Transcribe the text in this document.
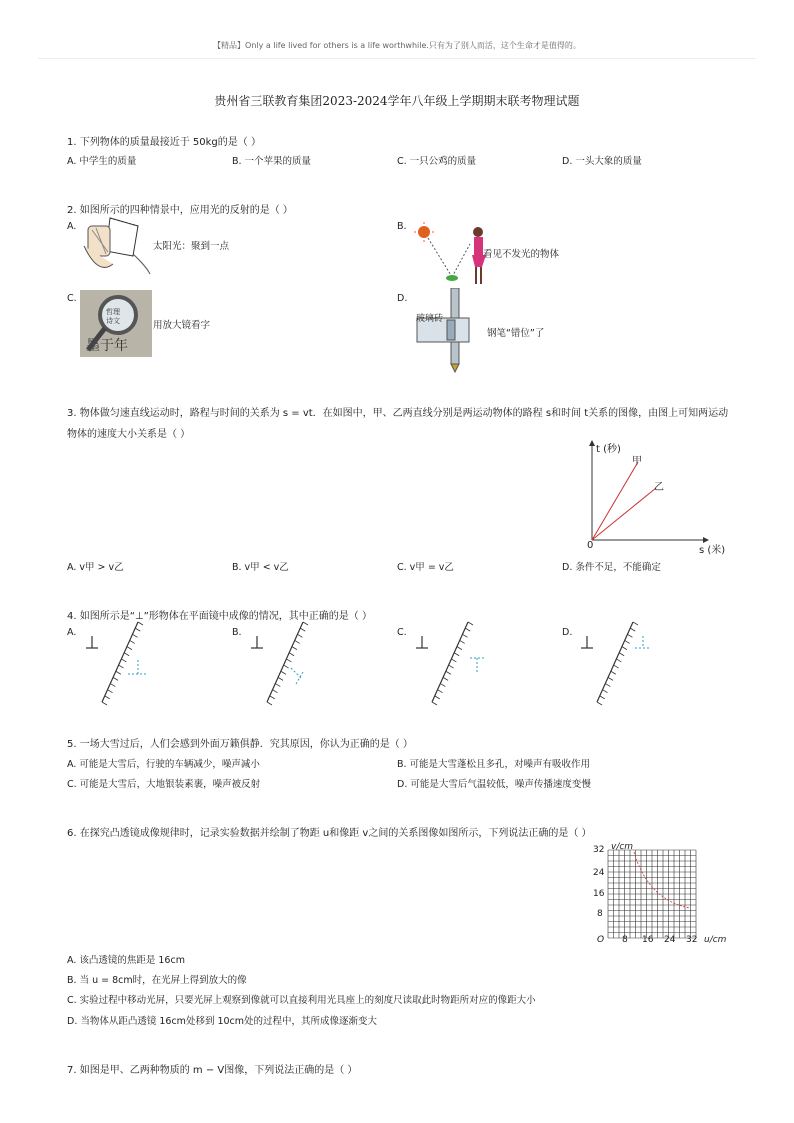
【精品】Only a life lived for others is a life worthwhile.只有为了别人而活，这个生命才是值得的。
贵州省三联教育集团2023-2024学年八年级上学期期末联考物理试题
1. 下列物体的质量最接近于 50kg的是（ ）
A. 中学生的质量	B. 一个苹果的质量	C. 一只公鸡的质量	D. 一头大象的质量
2. 如图所示的四种情景中，应用光的反射的是（ ）
A.
太阳光：聚到一点
B.
看见不发光的物体
C.
墨于年
哲理
诗文	用放大镜看字
D.
玻璃砖
钢笔“错位”了
3. 物体做匀速直线运动时，路程与时间的关系为 s = vt．在如图中，甲、乙两直线分别是两运动物体的路程 s和时间 t关系的图像，由图上可知两运动
物体的速度大小关系是（ ）
t (秒)
甲
乙
0	s (米)
A. v甲 > v乙	B. v甲 < v乙	C. v甲 = v乙	D. 条件不足，不能确定
4. 如图所示是“⊥”形物体在平面镜中成像的情况，其中正确的是（ ）
A.	B.	C.	D.
5. 一场大雪过后，人们会感到外面万籁俱静．究其原因，你认为正确的是（ ）
A. 可能是大雪后，行驶的车辆减少，噪声减小	B. 可能是大雪蓬松且多孔，对噪声有吸收作用
C. 可能是大雪后，大地银装素裹，噪声被反射	D. 可能是大雪后气温较低，噪声传播速度变慢
6. 在探究凸透镜成像规律时，记录实验数据并绘制了物距 u和像距 v之间的关系图像如图所示，下列说法正确的是（ ）
v/cm
32
24
16
8
O 8 16 24 32 u/cm
A. 该凸透镜的焦距是 16cm
B. 当 u = 8cm时，在光屏上得到放大的像
C. 实验过程中移动光屏，只要光屏上观察到像就可以直接利用光具座上的刻度尺读取此时物距所对应的像距大小
D. 当物体从距凸透镜 16cm处移到 10cm处的过程中，其所成像逐渐变大
7. 如图是甲、乙两种物质的 m − V图像，下列说法正确的是（ ）
